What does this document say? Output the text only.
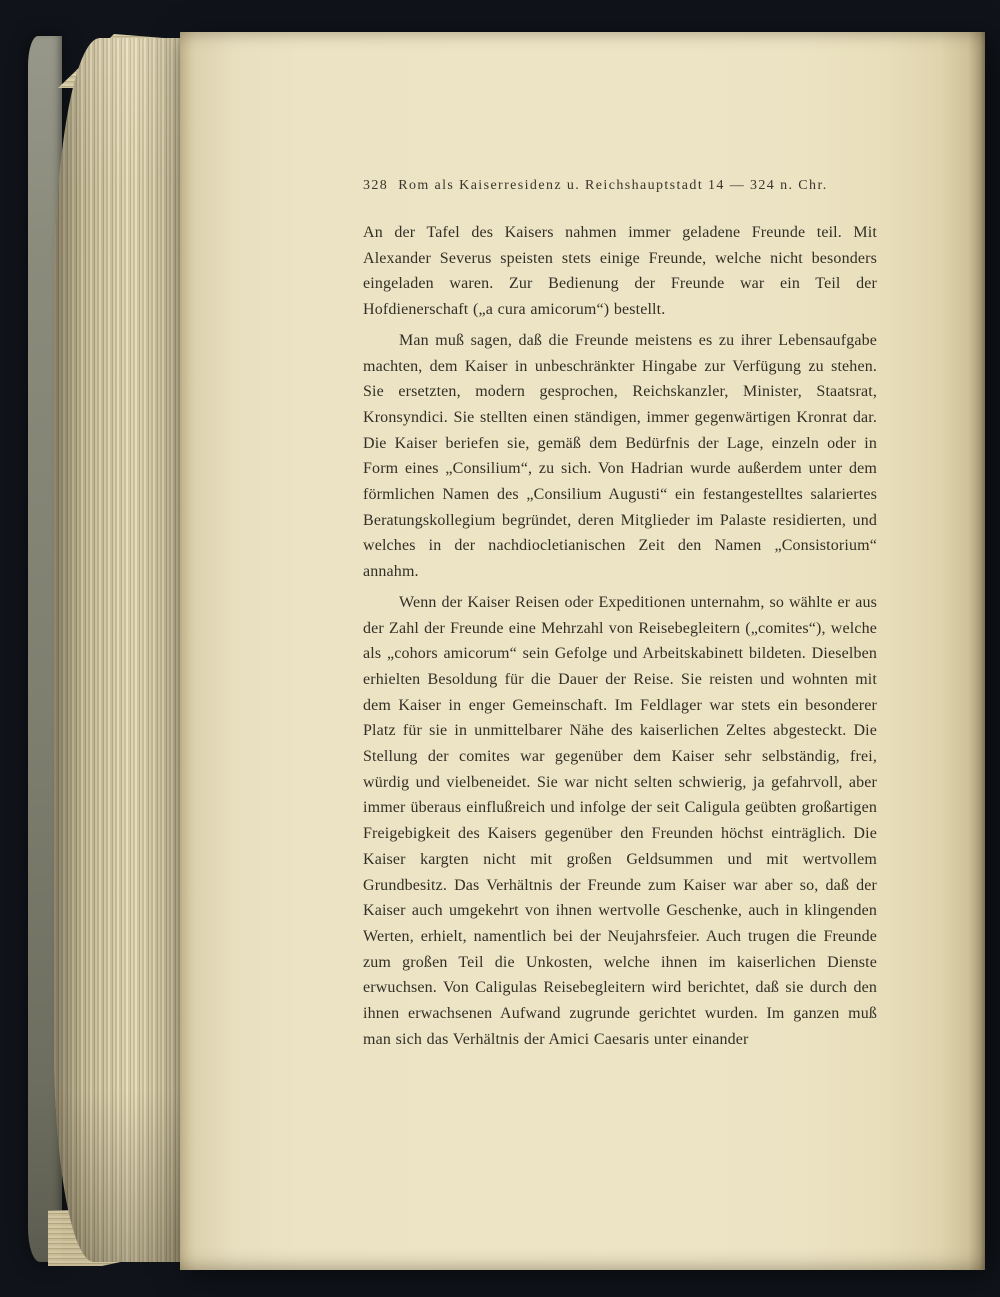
328 Rom als Kaiserresidenz u. Reichshauptstadt 14 — 324 n. Chr.

An der Tafel des Kaisers nahmen immer geladene Freunde teil. Mit Alexander Severus speisten stets einige Freunde, welche nicht besonders eingeladen waren. Zur Bedienung der Freunde war ein Teil der Hofdienerschaft („a cura amicorum“) bestellt.

Man muß sagen, daß die Freunde meistens es zu ihrer Lebensaufgabe machten, dem Kaiser in unbeschränkter Hingabe zur Verfügung zu stehen. Sie ersetzten, modern gesprochen, Reichskanzler, Minister, Staatsrat, Kronsyndici. Sie stellten einen ständigen, immer gegenwärtigen Kronrat dar. Die Kaiser beriefen sie, gemäß dem Bedürfnis der Lage, einzeln oder in Form eines „Consilium“, zu sich. Von Hadrian wurde außerdem unter dem förmlichen Namen des „Consilium Augusti“ ein festangestelltes salariertes Beratungskollegium begründet, deren Mitglieder im Palaste residierten, und welches in der nachdiocletianischen Zeit den Namen „Consistorium“ annahm.

Wenn der Kaiser Reisen oder Expeditionen unternahm, so wählte er aus der Zahl der Freunde eine Mehrzahl von Reisebegleitern („comites“), welche als „cohors amicorum“ sein Gefolge und Arbeitskabinett bildeten. Dieselben erhielten Besoldung für die Dauer der Reise. Sie reisten und wohnten mit dem Kaiser in enger Gemeinschaft. Im Feldlager war stets ein besonderer Platz für sie in unmittelbarer Nähe des kaiserlichen Zeltes abgesteckt. Die Stellung der comites war gegenüber dem Kaiser sehr selbständig, frei, würdig und vielbeneidet. Sie war nicht selten schwierig, ja gefahrvoll, aber immer überaus einflußreich und infolge der seit Caligula geübten großartigen Freigebigkeit des Kaisers gegenüber den Freunden höchst einträglich. Die Kaiser kargten nicht mit großen Geldsummen und mit wertvollem Grundbesitz. Das Verhältnis der Freunde zum Kaiser war aber so, daß der Kaiser auch umgekehrt von ihnen wertvolle Geschenke, auch in klingenden Werten, erhielt, namentlich bei der Neujahrsfeier. Auch trugen die Freunde zum großen Teil die Unkosten, welche ihnen im kaiserlichen Dienste erwuchsen. Von Caligulas Reisebegleitern wird berichtet, daß sie durch den ihnen erwachsenen Aufwand zugrunde gerichtet wurden. Im ganzen muß man sich das Verhältnis der Amici Caesaris unter einander
